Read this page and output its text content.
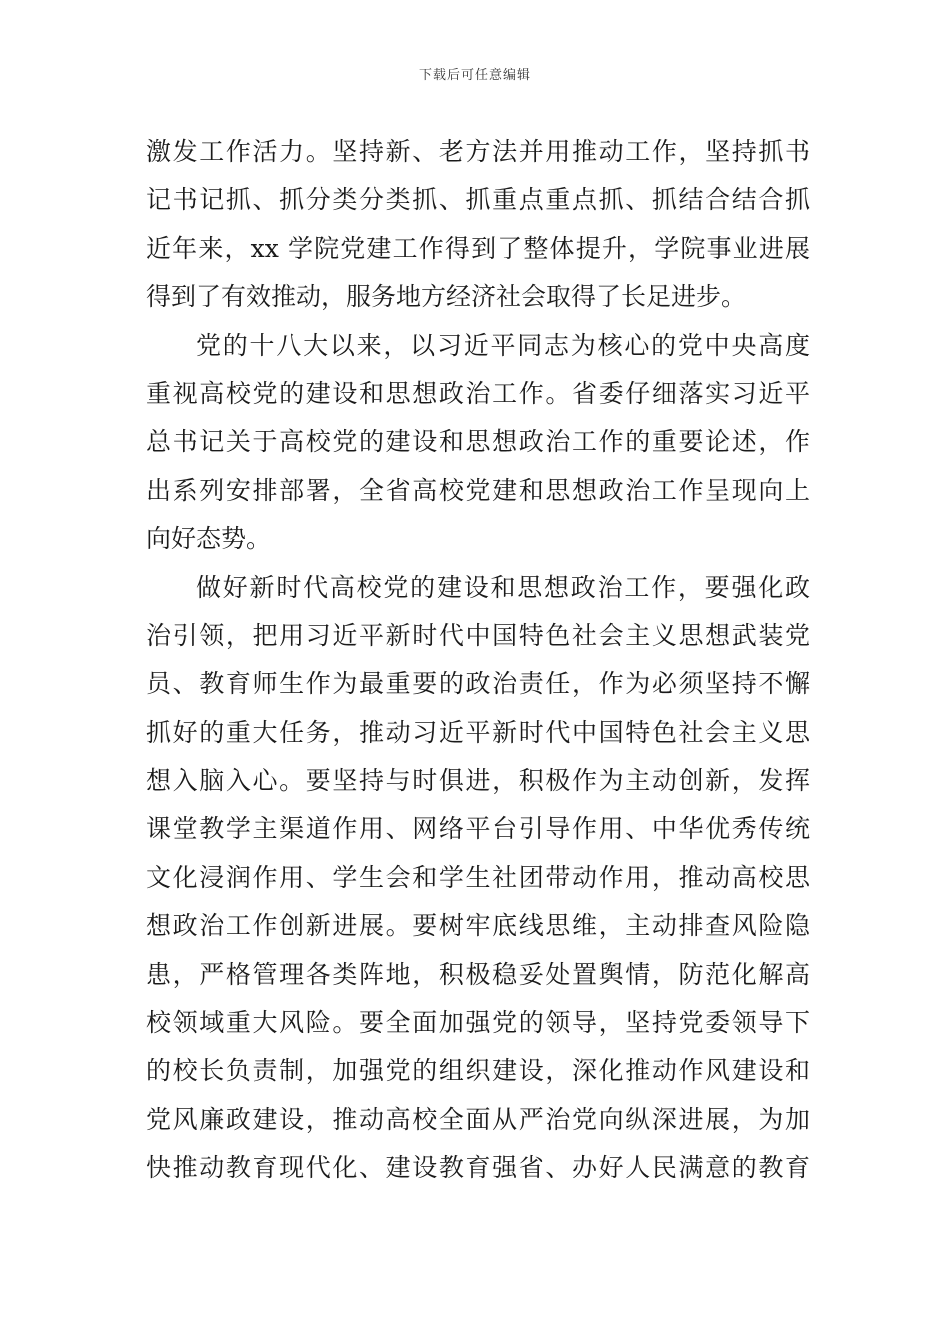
下载后可任意编辑
激发工作活力。坚持新、老方法并用推动工作，坚持抓书
记书记抓、抓分类分类抓、抓重点重点抓、抓结合结合抓
近年来，xx 学院党建工作得到了整体提升，学院事业进展
得到了有效推动，服务地方经济社会取得了长足进步。
党的十八大以来，以习近平同志为核心的党中央高度
重视高校党的建设和思想政治工作。省委仔细落实习近平
总书记关于高校党的建设和思想政治工作的重要论述，作
出系列安排部署，全省高校党建和思想政治工作呈现向上
向好态势。
做好新时代高校党的建设和思想政治工作，要强化政
治引领，把用习近平新时代中国特色社会主义思想武装党
员、教育师生作为最重要的政治责任，作为必须坚持不懈
抓好的重大任务，推动习近平新时代中国特色社会主义思
想入脑入心。要坚持与时俱进，积极作为主动创新，发挥
课堂教学主渠道作用、网络平台引导作用、中华优秀传统
文化浸润作用、学生会和学生社团带动作用，推动高校思
想政治工作创新进展。要树牢底线思维，主动排查风险隐
患，严格管理各类阵地，积极稳妥处置舆情，防范化解高
校领域重大风险。要全面加强党的领导，坚持党委领导下
的校长负责制，加强党的组织建设，深化推动作风建设和
党风廉政建设，推动高校全面从严治党向纵深进展，为加
快推动教育现代化、建设教育强省、办好人民满意的教育
